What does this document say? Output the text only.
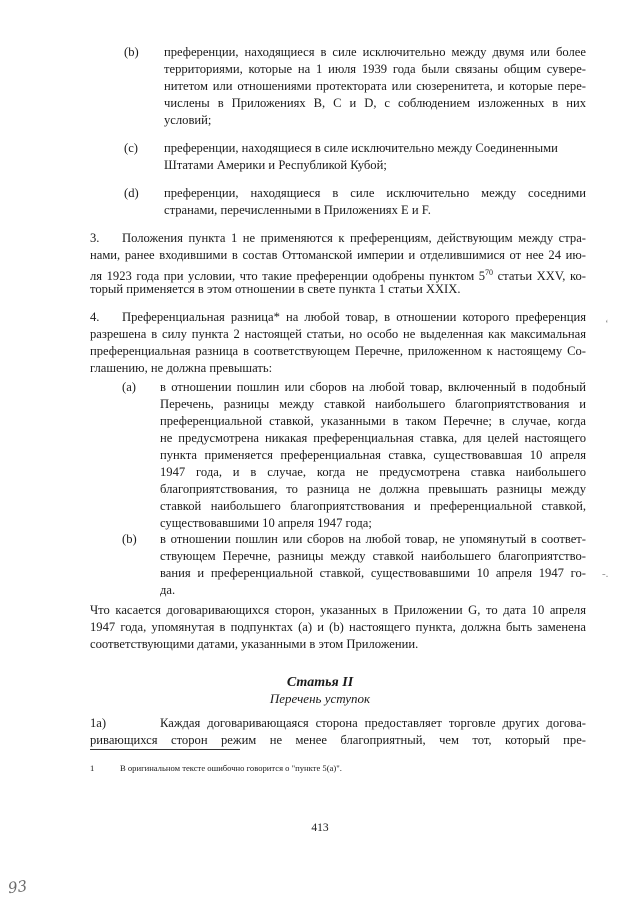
(b) преференции, находящиеся в силе исключительно между двумя или более
территориями, которые на 1 июля 1939 года были связаны общим сувере-
нитетом или отношениями протектората или сюзеренитета, и которые пере-
числены в Приложениях В, С и D, с соблюдением изложенных в них
условий;
(c) преференции, находящиеся в силе исключительно между Соединенными
Штатами Америки и Республикой Кубой;
(d) преференции, находящиеся в силе исключительно между соседними
странами, перечисленными в Приложениях Е и F.
3. Положения пункта 1 не применяются к преференциям, действующим между стра-
нами, ранее входившими в состав Оттоманской империи и отделившимися от нее 24 ию-
ля 1923 года при условии, что такие преференции одобрены пунктом $5^{70}$ статьи XXV, ко-
торый применяется в этом отношении в свете пункта 1 статьи XXIX.
4. Преференциальная разница* на любой товар, в отношении которого преференция
разрешена в силу пункта 2 настоящей статьи, но особо не выделенная как максимальная
преференциальная разница в соответствующем Перечне, приложенном к настоящему Со-
глашению, не должна превышать:
(a) в отношении пошлин или сборов на любой товар, включенный в подобный
Перечень, разницы между ставкой наибольшего благоприятствования и
преференциальной ставкой, указанными в таком Перечне; в случае, когда
не предусмотрена никакая преференциальная ставка, для целей настоящего
пункта применяется преференциальная ставка, существовавшая 10 апреля
1947 года, и в случае, когда не предусмотрена ставка наибольшего
благоприятствования, то разница не должна превышать разницы между
ставкой наибольшего благоприятствования и преференциальной ставкой,
существовавшими 10 апреля 1947 года;
(b) в отношении пошлин или сборов на любой товар, не упомянутый в соответ-
ствующем Перечне, разницы между ставкой наибольшего благоприятство-
вания и преференциальной ставкой, существовавшими 10 апреля 1947 го-
да.
Что касается договаривающихся сторон, указанных в Приложении G, то дата 10 апреля
1947 года, упомянутая в подпунктах (а) и (b) настоящего пункта, должна быть заменена
соответствующими датами, указанными в этом Приложении.
Статья II
Перечень уступок
1a)	Каждая договаривающаяся сторона предоставляет торговле других договa-
ривающихся сторон режим не менее благоприятный, чем тот, который пре-
1	В оригинальном тексте ошибочно говорится о "пункте 5(а)".
413
93
ʻ
-.
